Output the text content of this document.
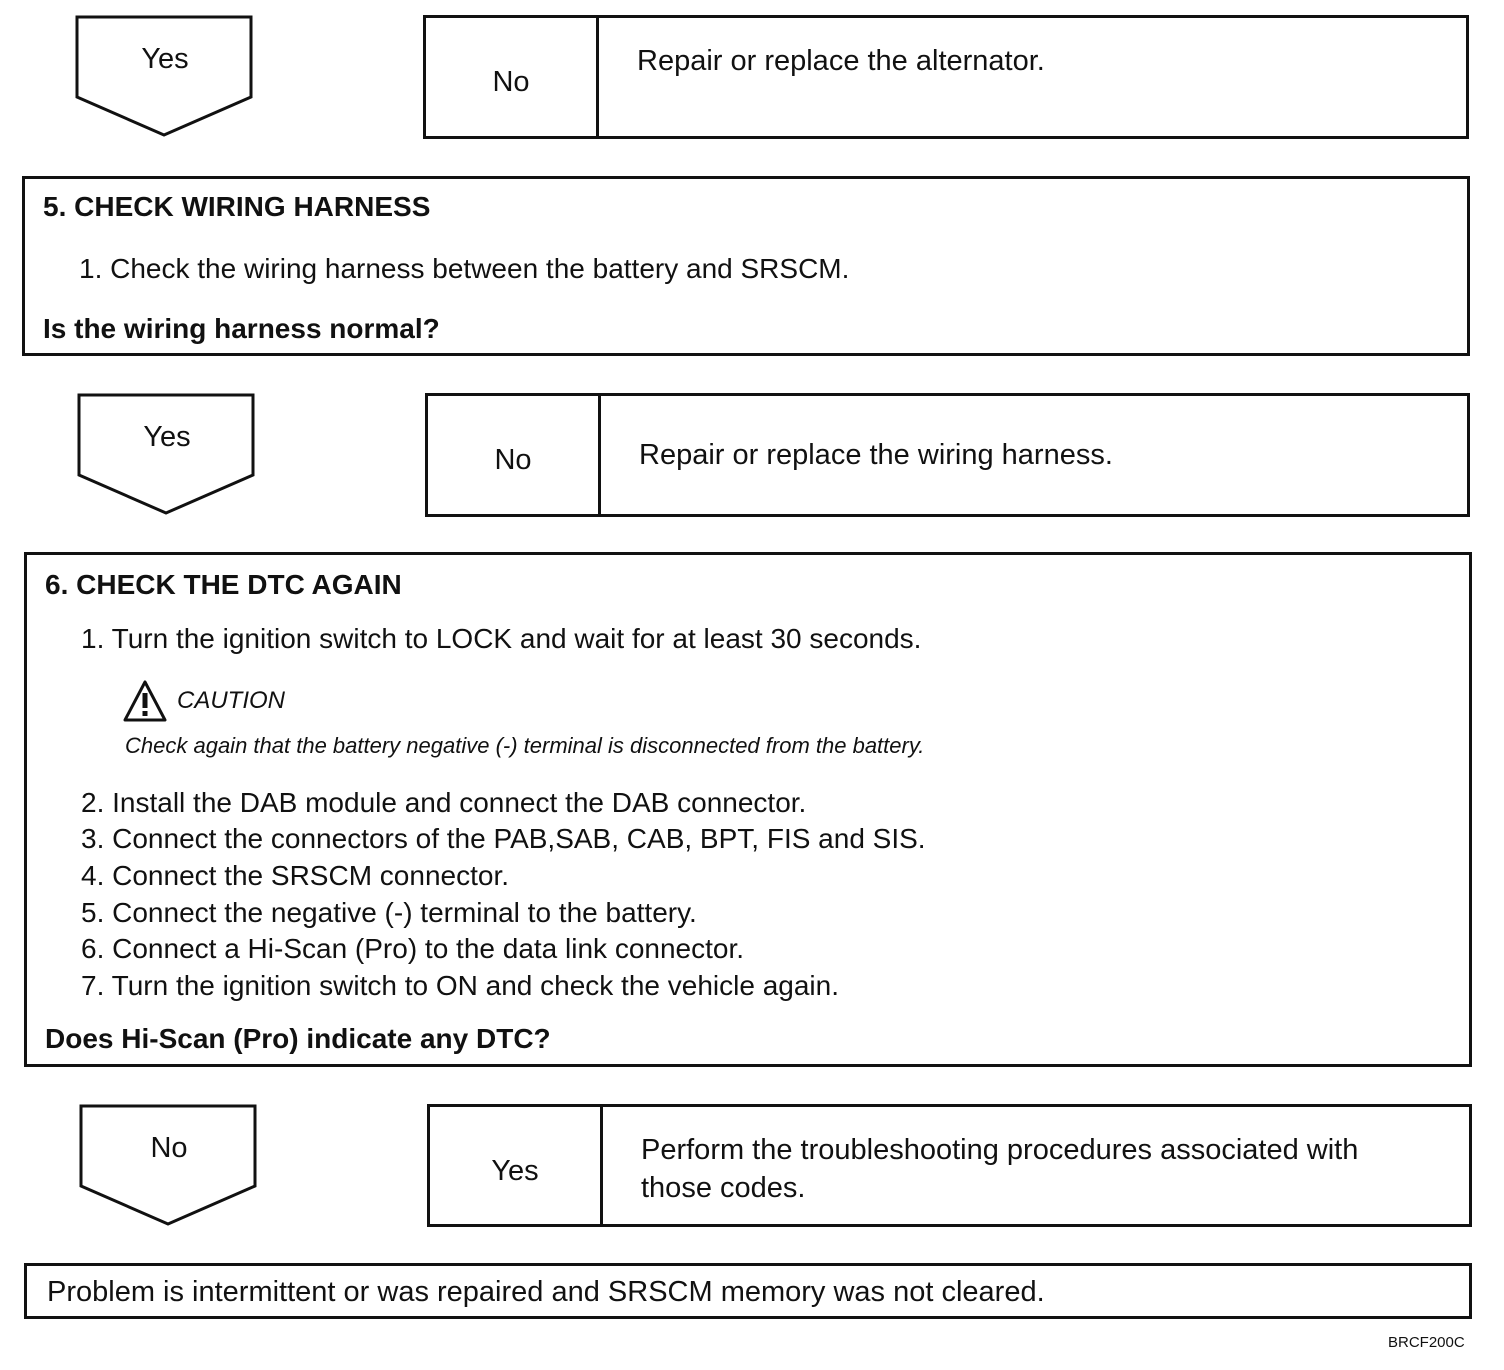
Yes
No
Repair or replace the alternator.
5. CHECK WIRING HARNESS
1. Check the wiring harness between the battery and SRSCM.
Is the wiring harness normal?
Yes
No	Repair or replace the wiring harness.
6. CHECK THE DTC AGAIN
1. Turn the ignition switch to LOCK and wait for at least 30 seconds.
CAUTION
Check again that the battery negative (-) terminal is disconnected from the battery.
2. Install the DAB module and connect the DAB connector.
3. Connect the connectors of the PAB,SAB, CAB, BPT, FIS and SIS.
4. Connect the SRSCM connector.
5. Connect the negative (-) terminal to the battery.
6. Connect a Hi-Scan (Pro) to the data link connector.
7. Turn the ignition switch to ON and check the vehicle again.
Does Hi-Scan (Pro) indicate any DTC?
No
Yes
Perform the troubleshooting procedures associated with
those codes.
Problem is intermittent or was repaired and SRSCM memory was not cleared.
BRCF200C
